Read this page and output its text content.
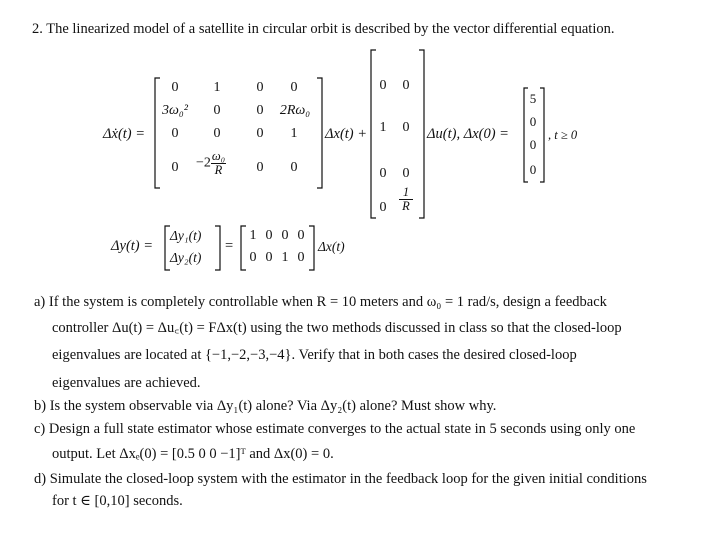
2. The linearized model of a satellite in circular orbit is described by the vector differential equation.
Δẋ(t) =
0	1	0	0
3ω₀²	0	0	2Rω₀
0	0	0	1
0	$-2 \frac{\text{ω₀}}{R}$	0	0
Δx(t) +
0	0
1	0
0	0
0	$\frac{1}{R}$
Δu(t), Δx(0) =
5
0
0
0
, t ≥ 0
Δy(t) =
Δy₁(t)
Δy₂(t)
=
1 0 0 0
0 0 1 0
Δx(t)
a) If the system is completely controllable when R = 10 meters and ω₀ = 1 rad/s, design a feedback
controller Δu(t) = Δu꜀(t) = FΔx(t) using the two methods discussed in class so that the closed-loop
eigenvalues are located at {−1,−2,−3,−4}. Verify that in both cases the desired closed-loop
eigenvalues are achieved.
b) Is the system observable via Δy₁(t) alone? Via Δy₂(t) alone? Must show why.
c) Design a full state estimator whose estimate converges to the actual state in 5 seconds using only one
output. Let Δxₑ(0) = [0.5 0 0 −1]ᵀ and Δx(0) = 0.
d) Simulate the closed-loop system with the estimator in the feedback loop for the given initial conditions
for t ∈ [0,10] seconds.
